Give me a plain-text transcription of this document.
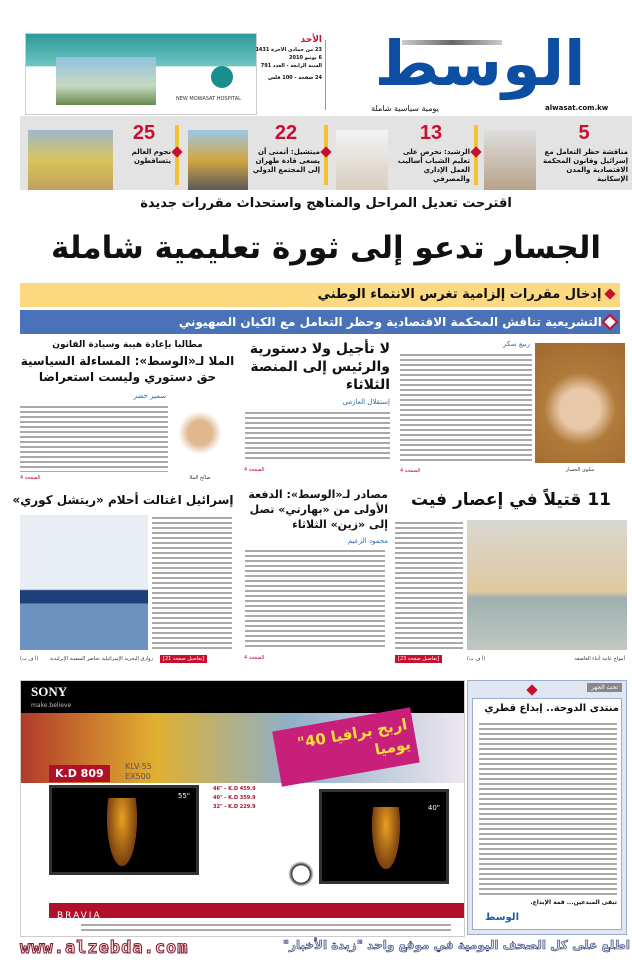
NEW MOWASAT HOSPITAL
الأحد
23 من جمادى الآخرة 1431
6 يونيو 2010
السنة الرابعة - العدد 791
24 صفحة - 100 فلس الوسط
يومية سياسية شاملة	alwasat.com.kw
5
مناقشة حظر التعامل مع إسرائيل وقانون المحكمة الاقتصادية والمدن الإسكانية
13
الرشيد: نحرص على تعليم الشباب أساليب العمل الإداري والمصرفي
22
ميتشيل: أتمنى أن يسعى قادة طهران إلى المجتمع الدولي
25
نجوم العالم يتساقطون
اقترحت تعديل المراحل والمناهج واستحداث مقررات جديدة
الجسار تدعو إلى ثورة تعليمية شاملة
إدخال مقررات إلزامية تغرس الانتماء الوطني
التشريعية تناقش المحكمة الاقتصادية وحظر التعامل مع الكيان الصهيوني
ربيع سكر
سلوى الجسار
الصفحة 4
لا تأجيل ولا دستورية والرئيس إلى المنصة الثلاثاء
إستقلال العازمي
الصفحة 4
مطالبا بإعادة هيبة وسيادة القانون
الملا لـ«الوسط»: المساءلة السياسية حق دستوري وليست استعراضا
سمير خضر
صالح الملا
الصفحة 4
11 قتيلاً في إعصار فيت
أمواج عاتية أثناء العاصفة
(أ ف ب)
[تفاصيل صفحة 23]
مصادر لـ«الوسط»: الدفعة الأولى من «بهارتي» تصل إلى «زين» الثلاثاء
محمود الزعيم
الصفحة 4
إسرائيل اغتالت أحلام «ريتشل كوري»
زوارق البحرية الإسرائيلية تحاصر السفينة الإيرلندية
(أ ف ب)	[تفاصيل صفحة 21]
SONY
make.believe
اربح برافيا 40" يوميا
K.D 809
KLV-55 EX500
46" - K.D 459.9
40" - K.D 359.9
32" - K.D 229.9
55"
40"
BRAVIA
تحت الجهر
منتدى الدوحة.. إبداع قطري
تبقى المبدعين... قمة الإبداع.
الوسط
www.alzebda.com	اطلع على كل الصحف اليومية في موقع واحد "زبدة الأخبار"
